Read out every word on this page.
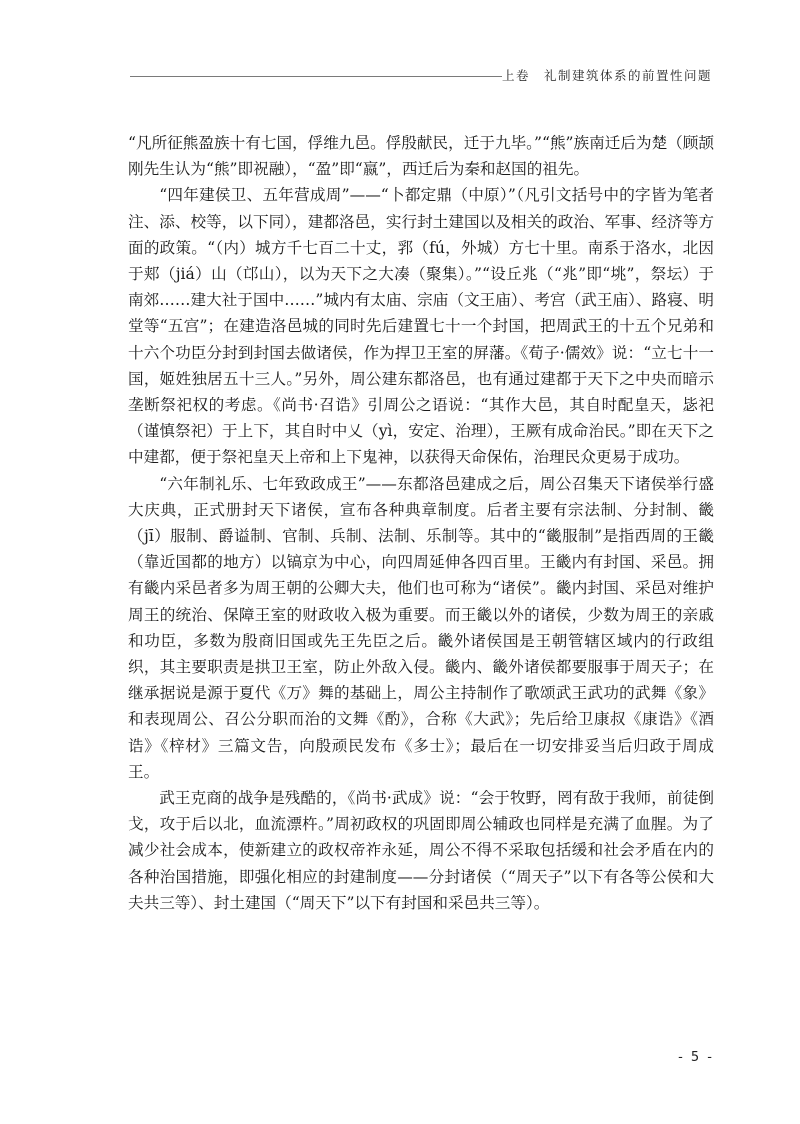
上卷 礼制建筑体系的前置性问题

“凡所征熊盈族十有七国，俘维九邑。俘殷献民，迁于九毕。”“熊”族南迁后为楚（顾颉刚先生认为“熊”即祝融），“盈”即“嬴”，西迁后为秦和赵国的祖先。

“四年建侯卫、五年营成周”——“卜都定鼎（中原）”（凡引文括号中的字皆为笔者注、添、校等，以下同），建都洛邑，实行封土建国以及相关的政治、军事、经济等方面的政策。“（内）城方千七百二十丈，郛（fú，外城）方七十里。南系于洛水，北因于郏（jiá）山（邙山），以为天下之大凑（聚集）。”“设丘兆（“兆”即“垗”，祭坛）于南郊……建大社于国中……”城内有太庙、宗庙（文王庙）、考宫（武王庙）、路寝、明堂等“五宫”；在建造洛邑城的同时先后建置七十一个封国，把周武王的十五个兄弟和十六个功臣分封到封国去做诸侯，作为捍卫王室的屏藩。《荀子·儒效》说：“立七十一国，姬姓独居五十三人。”另外，周公建东都洛邑，也有通过建都于天下之中央而暗示垄断祭祀权的考虑。《尚书·召诰》引周公之语说：“其作大邑，其自时配皇天，毖祀（谨慎祭祀）于上下，其自时中乂（yì，安定、治理），王厥有成命治民。”即在天下之中建都，便于祭祀皇天上帝和上下鬼神，以获得天命保佑，治理民众更易于成功。

“六年制礼乐、七年致政成王”——东都洛邑建成之后，周公召集天下诸侯举行盛大庆典，正式册封天下诸侯，宣布各种典章制度。后者主要有宗法制、分封制、畿（jī）服制、爵谥制、官制、兵制、法制、乐制等。其中的“畿服制”是指西周的王畿（靠近国都的地方）以镐京为中心，向四周延伸各四百里。王畿内有封国、采邑。拥有畿内采邑者多为周王朝的公卿大夫，他们也可称为“诸侯”。畿内封国、采邑对维护周王的统治、保障王室的财政收入极为重要。而王畿以外的诸侯，少数为周王的亲戚和功臣，多数为殷商旧国或先王先臣之后。畿外诸侯国是王朝管辖区域内的行政组织，其主要职责是拱卫王室，防止外敌入侵。畿内、畿外诸侯都要服事于周天子；在继承据说是源于夏代《万》舞的基础上，周公主持制作了歌颂武王武功的武舞《象》和表现周公、召公分职而治的文舞《酌》，合称《大武》；先后给卫康叔《康诰》《酒诰》《梓材》三篇文告，向殷顽民发布《多士》；最后在一切安排妥当后归政于周成王。

武王克商的战争是残酷的，《尚书·武成》说：“会于牧野，罔有敌于我师，前徒倒戈，攻于后以北，血流漂杵。”周初政权的巩固即周公辅政也同样是充满了血腥。为了减少社会成本，使新建立的政权帝祚永延，周公不得不采取包括缓和社会矛盾在内的各种治国措施，即强化相应的封建制度——分封诸侯（“周天子”以下有各等公侯和大夫共三等）、封土建国（“周天下”以下有封国和采邑共三等）。

- 5 -
